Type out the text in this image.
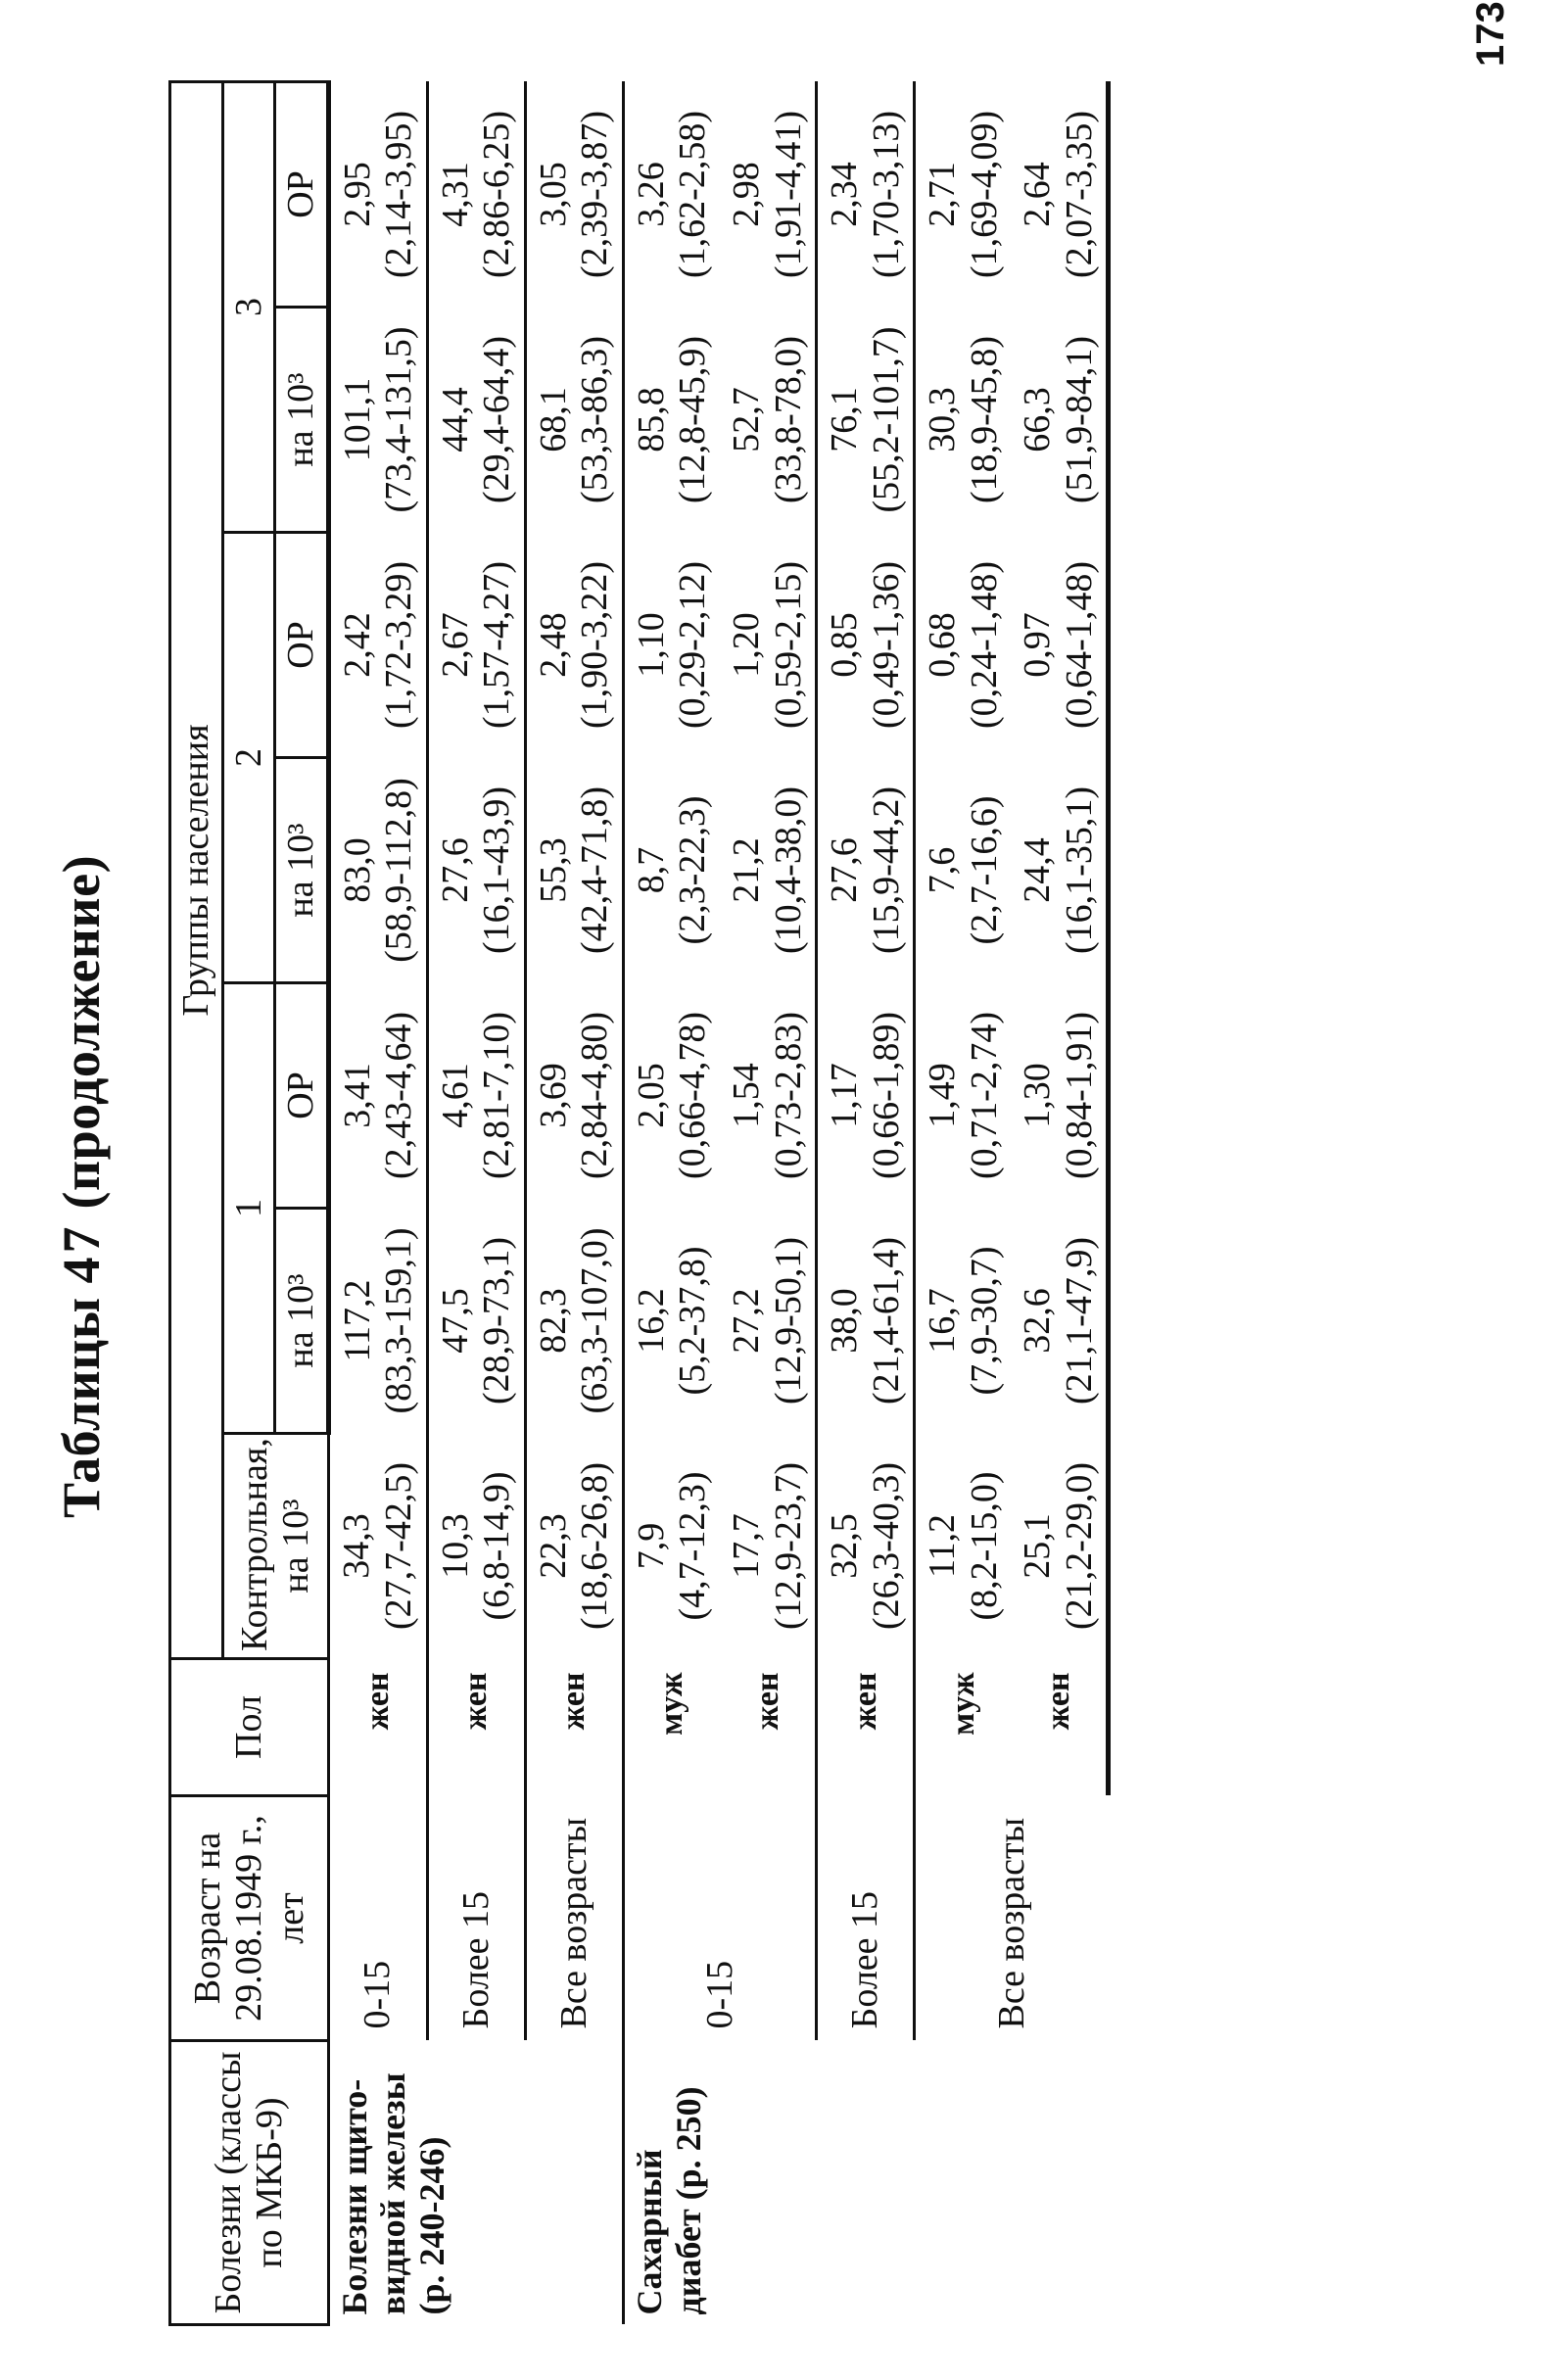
Таблицы 47 (продолжение)
Болезни (классы по МКБ-9)	Возраст на 29.08.1949 г., лет	Пол	Группы населения						
			Контрольная, на 10³	1		2		3	
				на 10³	ОР	на 10³	ОР	на 10³	ОР
Болезни щито-видной железы (р. 240-246)	0-15	жен	34,3 (27,7-42,5)	117,2 (83,3-159,1)	3,41 (2,43-4,64)	83,0 (58,9-112,8)	2,42 (1,72-3,29)	101,1 (73,4-131,5)	2,95 (2,14-3,95)

	Более 15	жен	10,3 (6,8-14,9)	47,5 (28,9-73,1)	4,61 (2,81-7,10)	27,6 (16,1-43,9)	2,67 (1,57-4,27)	44,4 (29,4-64,4)	4,31 (2,86-6,25)

	Все возрасты	жен	22,3 (18,6-26,8)	82,3 (63,3-107,0)	3,69 (2,84-4,80)	55,3 (42,4-71,8)	2,48 (1,90-3,22)	68,1 (53,3-86,3)	3,05 (2,39-3,87)

Сахарный диабет (р. 250)	0-15	муж	7,9 (4,7-12,3)	16,2 (5,2-37,8)	2,05 (0,66-4,78)	8,7 (2,3-22,3)	1,10 (0,29-2,12)	85,8 (12,8-45,9)	3,26 (1,62-2,58)

		жен	17,7 (12,9-23,7)	27,2 (12,9-50,1)	1,54 (0,73-2,83)	21,2 (10,4-38,0)	1,20 (0,59-2,15)	52,7 (33,8-78,0)	2,98 (1,91-4,41)

	Более 15	жен	32,5 (26,3-40,3)	38,0 (21,4-61,4)	1,17 (0,66-1,89)	27,6 (15,9-44,2)	0,85 (0,49-1,36)	76,1 (55,2-101,7)	2,34 (1,70-3,13)

	Все возрасты	муж	11,2 (8,2-15,0)	16,7 (7,9-30,7)	1,49 (0,71-2,74)	7,6 (2,7-16,6)	0,68 (0,24-1,48)	30,3 (18,9-45,8)	2,71 (1,69-4,09)

		жен	25,1 (21,2-29,0)	32,6 (21,1-47,9)	1,30 (0,84-1,91)	24,4 (16,1-35,1)	0,97 (0,64-1,48)	66,3 (51,9-84,1)	2,64 (2,07-3,35)
173
